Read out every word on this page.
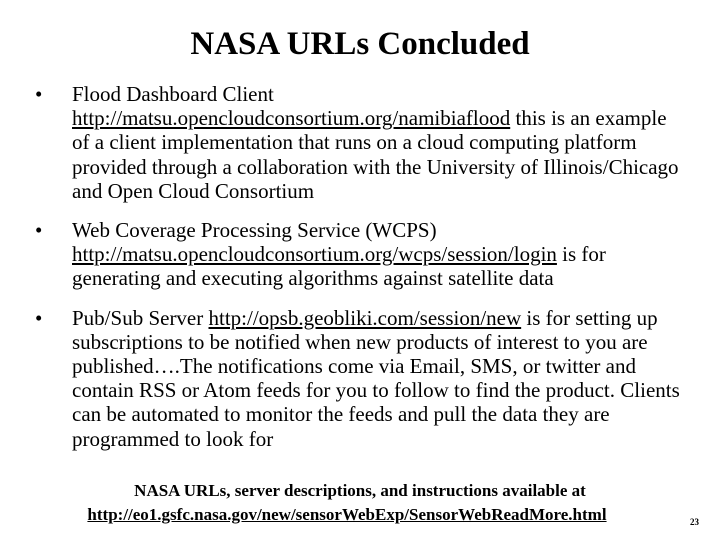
NASA URLs Concluded
• Flood Dashboard Client
http://matsu.opencloudconsortium.org/namibiaflood this is an example of a client implementation that runs on a cloud computing platform provided through a collaboration with the University of Illinois/Chicago and Open Cloud Consortium
• Web Coverage Processing Service (WCPS)
http://matsu.opencloudconsortium.org/wcps/session/login is for generating and executing algorithms against satellite data
• Pub/Sub Server http://opsb.geobliki.com/session/new is for setting up subscriptions to be notified when new products of interest to you are published….The notifications come via Email, SMS, or twitter and contain RSS or Atom feeds for you to follow to find the product. Clients can be automated to monitor the feeds and pull the data they are programmed to look for
NASA URLs, server descriptions, and instructions available at
http://eo1.gsfc.nasa.gov/new/sensorWebExp/SensorWebReadMore.html	23
